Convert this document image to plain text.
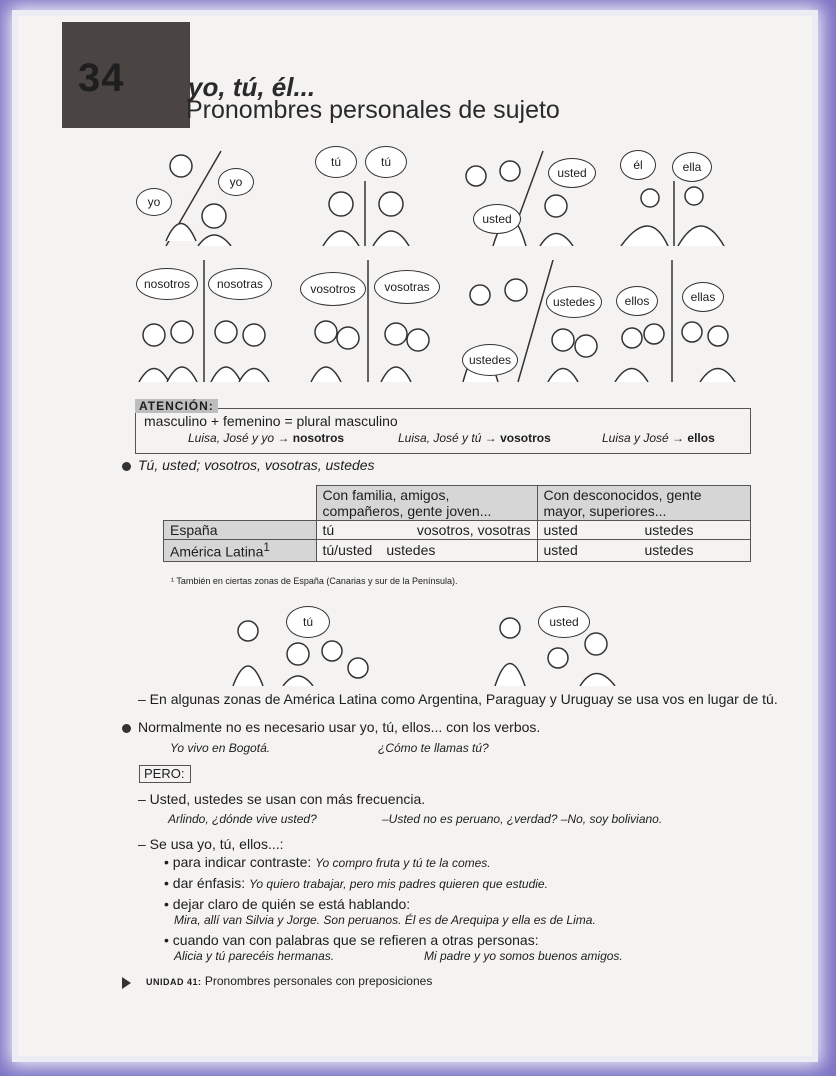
34 yo, tú, él...
Pronombres personales de sujeto
yo
yo
tú	tú
usted
usted
él	ella
nosotros	nosotras	vosotros	vosotras
ustedes
ustedes
ellos	ellas
masculino + femenino = plural masculino
Luisa, José y yo → nosotros	Luisa, José y tú → vosotros	Luisa y José → ellos
ATENCIÓN:
Tú, usted; vosotros, vosotras, ustedes
	Con familia, amigos, compañeros, gente joven...	Con desconocidos, gente mayor, superiores...
España	tú vosotros, vosotras	usted ustedes

América Latina$^1$	tú/usted ustedes	usted ustedes
¹ También en ciertas zonas de España (Canarias y sur de la Península).
tú	usted
– En algunas zonas de América Latina como Argentina, Paraguay y Uruguay se usa vos en lugar de tú.
Normalmente no es necesario usar yo, tú, ellos... con los verbos.
Yo vivo en Bogotá.	¿Cómo te llamas tú?
PERO:
– Usted, ustedes se usan con más frecuencia.
Arlindo, ¿dónde vive usted?	–Usted no es peruano, ¿verdad? –No, soy boliviano.
– Se usa yo, tú, ellos...:
• para indicar contraste: Yo compro fruta y tú te la comes.
• dar énfasis: Yo quiero trabajar, pero mis padres quieren que estudie.
• dejar claro de quién se está hablando:
Mira, allí van Silvia y Jorge. Son peruanos. Él es de Arequipa y ella es de Lima.
• cuando van con palabras que se refieren a otras personas:
Alicia y tú parecéis hermanas.	Mi padre y yo somos buenos amigos.
UNIDAD 41: Pronombres personales con preposiciones
